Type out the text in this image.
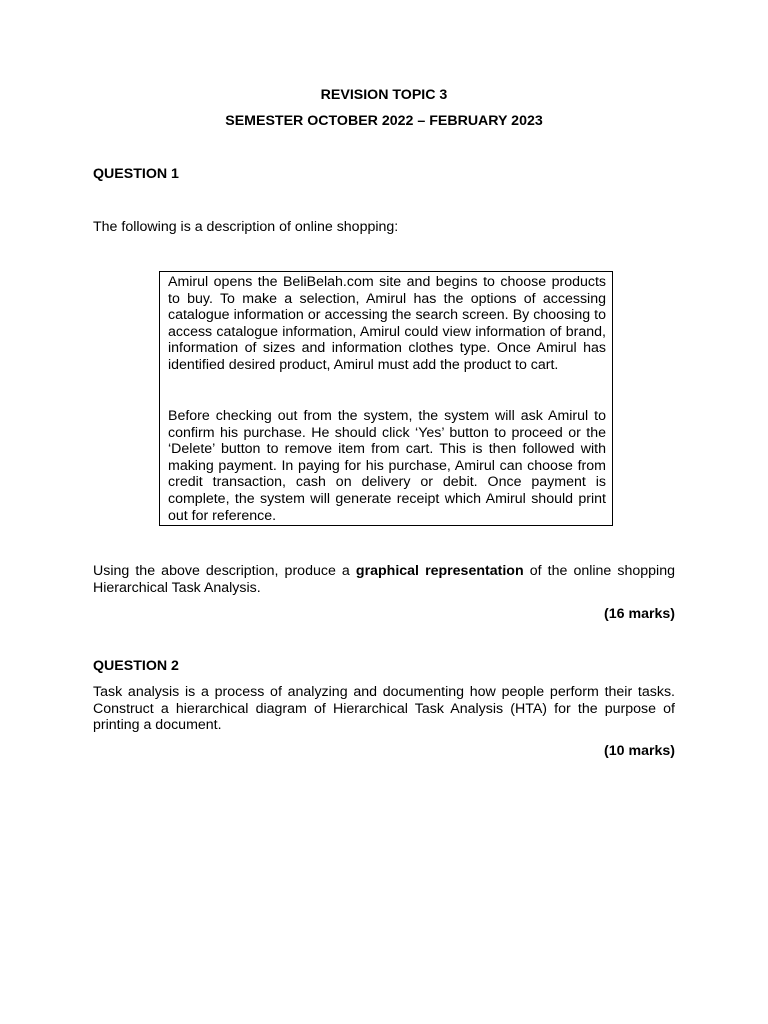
REVISION TOPIC 3
SEMESTER OCTOBER 2022 – FEBRUARY 2023
QUESTION 1
The following is a description of online shopping:

Amirul opens the BeliBelah.com site and begins to choose products to buy. To make a selection, Amirul has the options of accessing catalogue information or accessing the search screen. By choosing to access catalogue information, Amirul could view information of brand, information of sizes and information clothes type. Once Amirul has identified desired product, Amirul must add the product to cart.

Before checking out from the system, the system will ask Amirul to confirm his purchase. He should click ‘Yes’ button to proceed or the ‘Delete’ button to remove item from cart. This is then followed with making payment. In paying for his purchase, Amirul can choose from credit transaction, cash on delivery or debit. Once payment is complete, the system will generate receipt which Amirul should print out for reference.

Using the above description, produce a graphical representation of the online shopping Hierarchical Task Analysis.

(16 marks)
QUESTION 2

Task analysis is a process of analyzing and documenting how people perform their tasks. Construct a hierarchical diagram of Hierarchical Task Analysis (HTA) for the purpose of printing a document.

(10 marks)
